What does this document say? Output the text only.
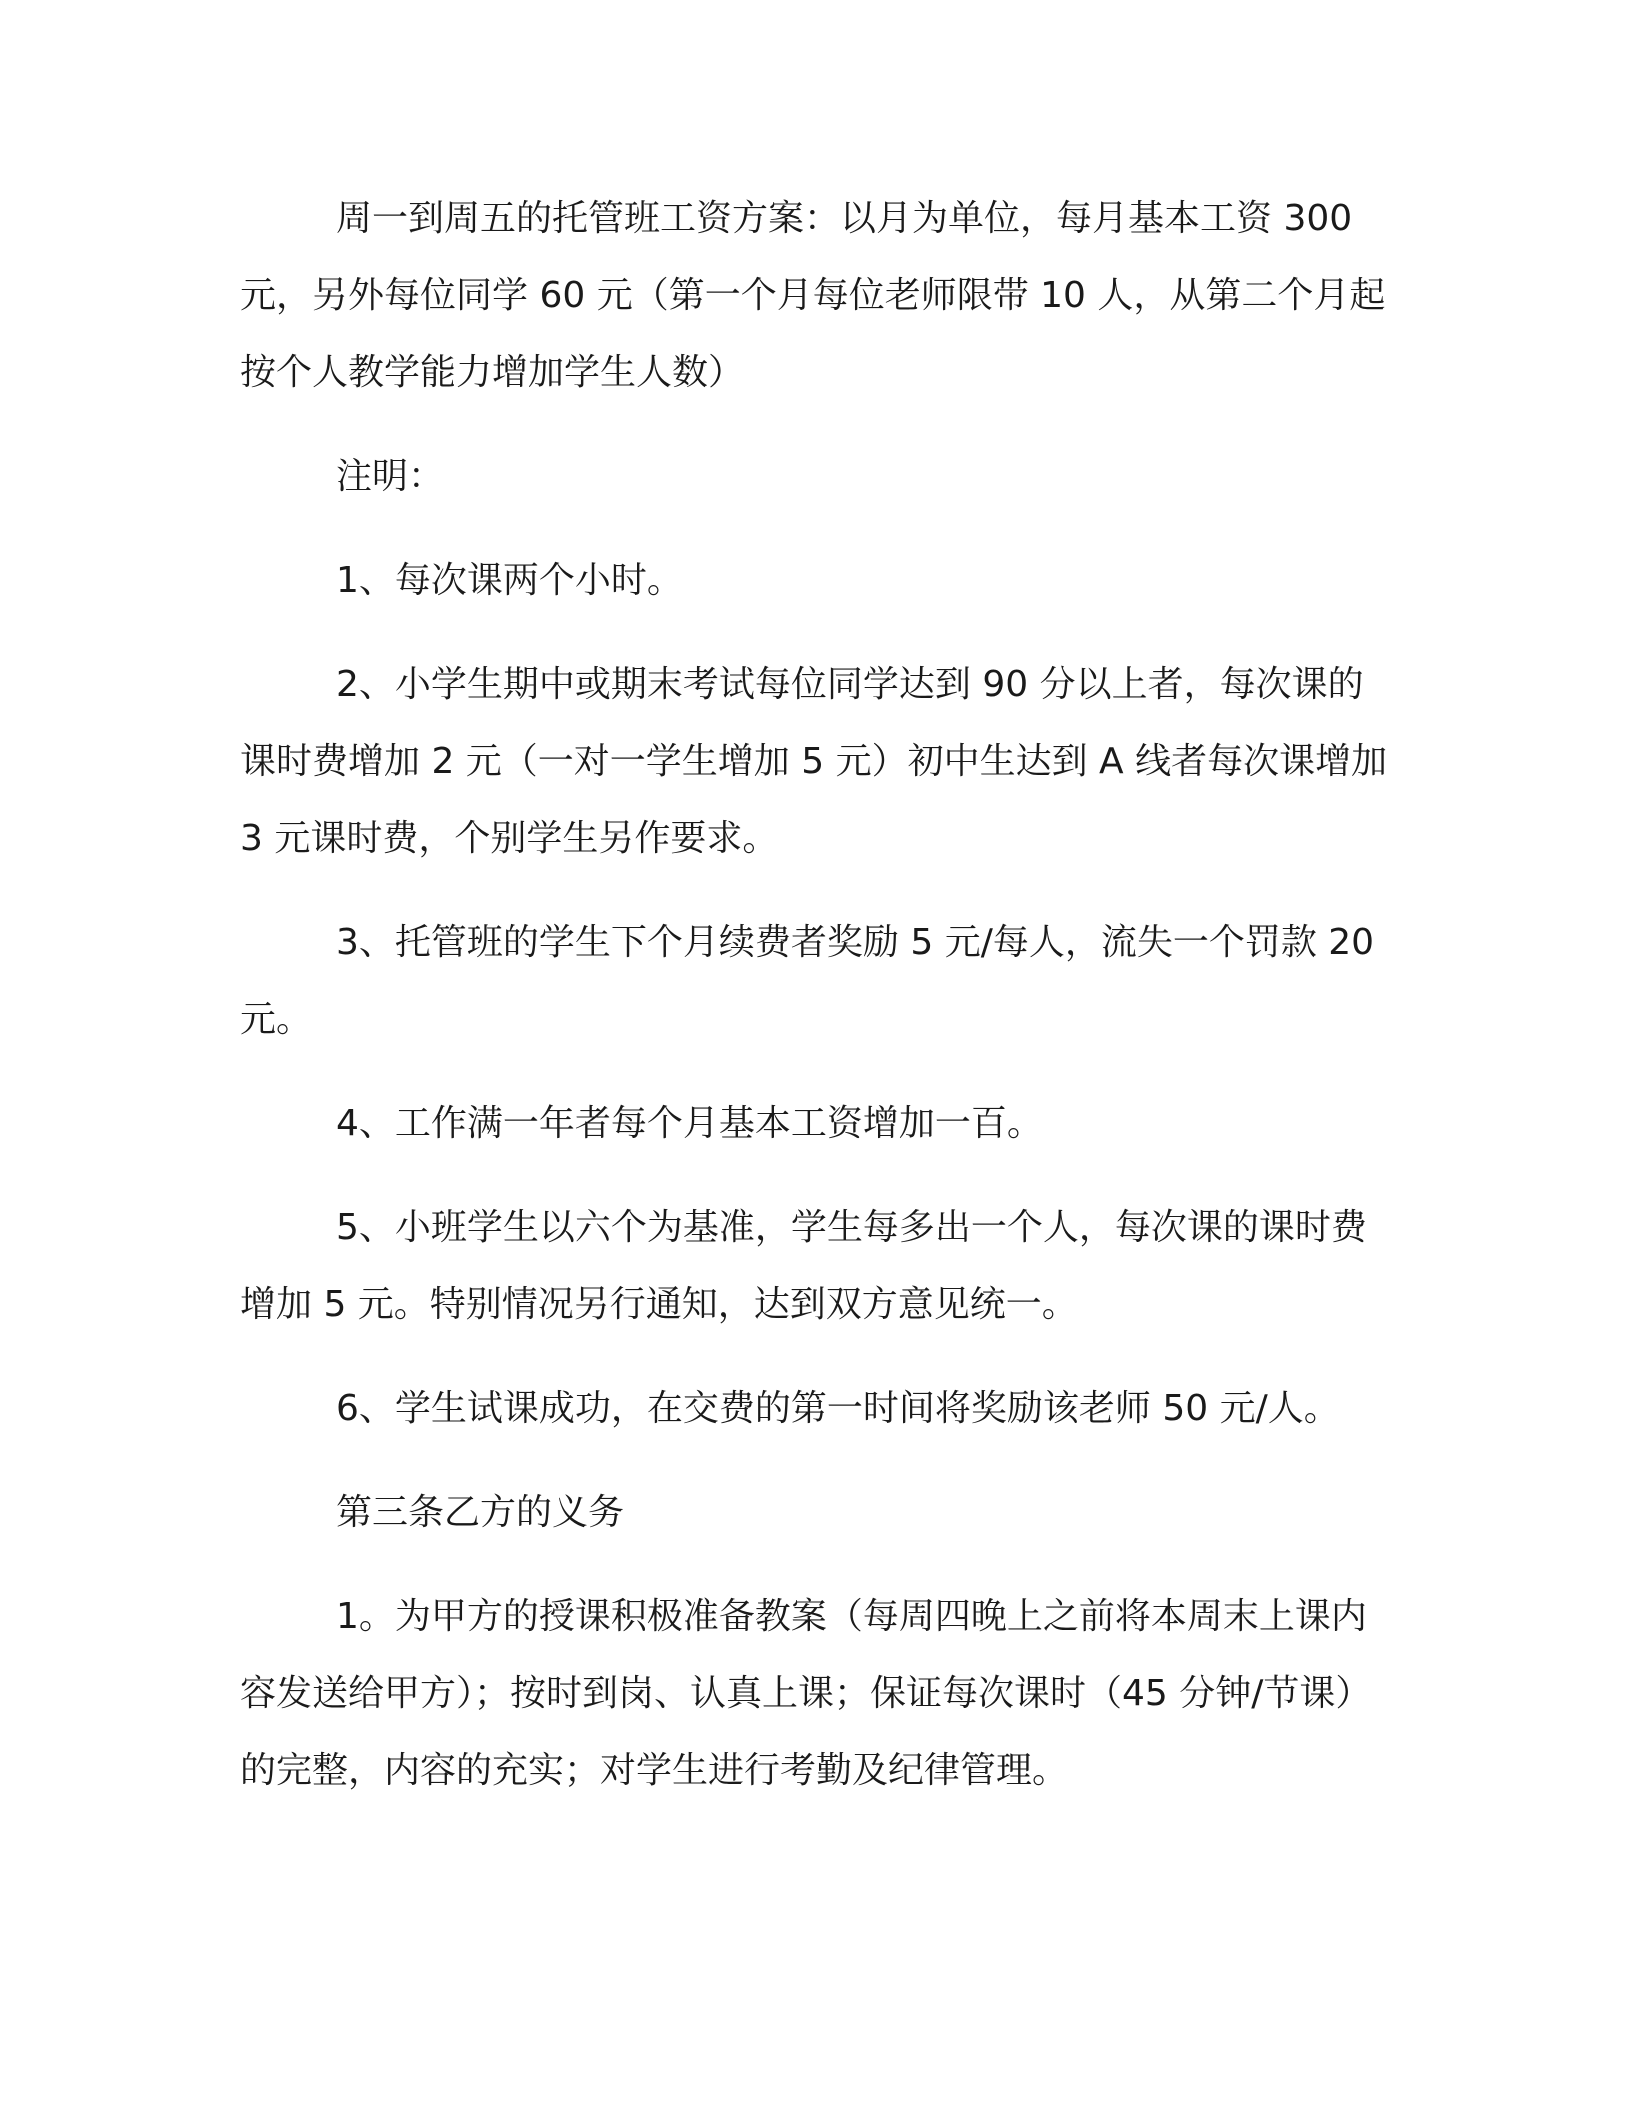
周一到周五的托管班工资方案：以月为单位，每月基本工资 300 元，另外每位同学 60 元（第一个月每位老师限带 10 人，从第二个月起按个人教学能力增加学生人数）

注明：

1、每次课两个小时。

2、小学生期中或期末考试每位同学达到 90 分以上者，每次课的课时费增加 2 元（一对一学生增加 5 元）初中生达到 A 线者每次课增加 3 元课时费，个别学生另作要求。

3、托管班的学生下个月续费者奖励 5 元/每人，流失一个罚款 20 元。

4、工作满一年者每个月基本工资增加一百。

5、小班学生以六个为基准，学生每多出一个人，每次课的课时费增加 5 元。特别情况另行通知，达到双方意见统一。

6、学生试课成功，在交费的第一时间将奖励该老师 50 元/人。

第三条乙方的义务

1。为甲方的授课积极准备教案（每周四晚上之前将本周末上课内容发送给甲方）；按时到岗、认真上课；保证每次课时（45 分钟/节课）的完整，内容的充实；对学生进行考勤及纪律管理。
